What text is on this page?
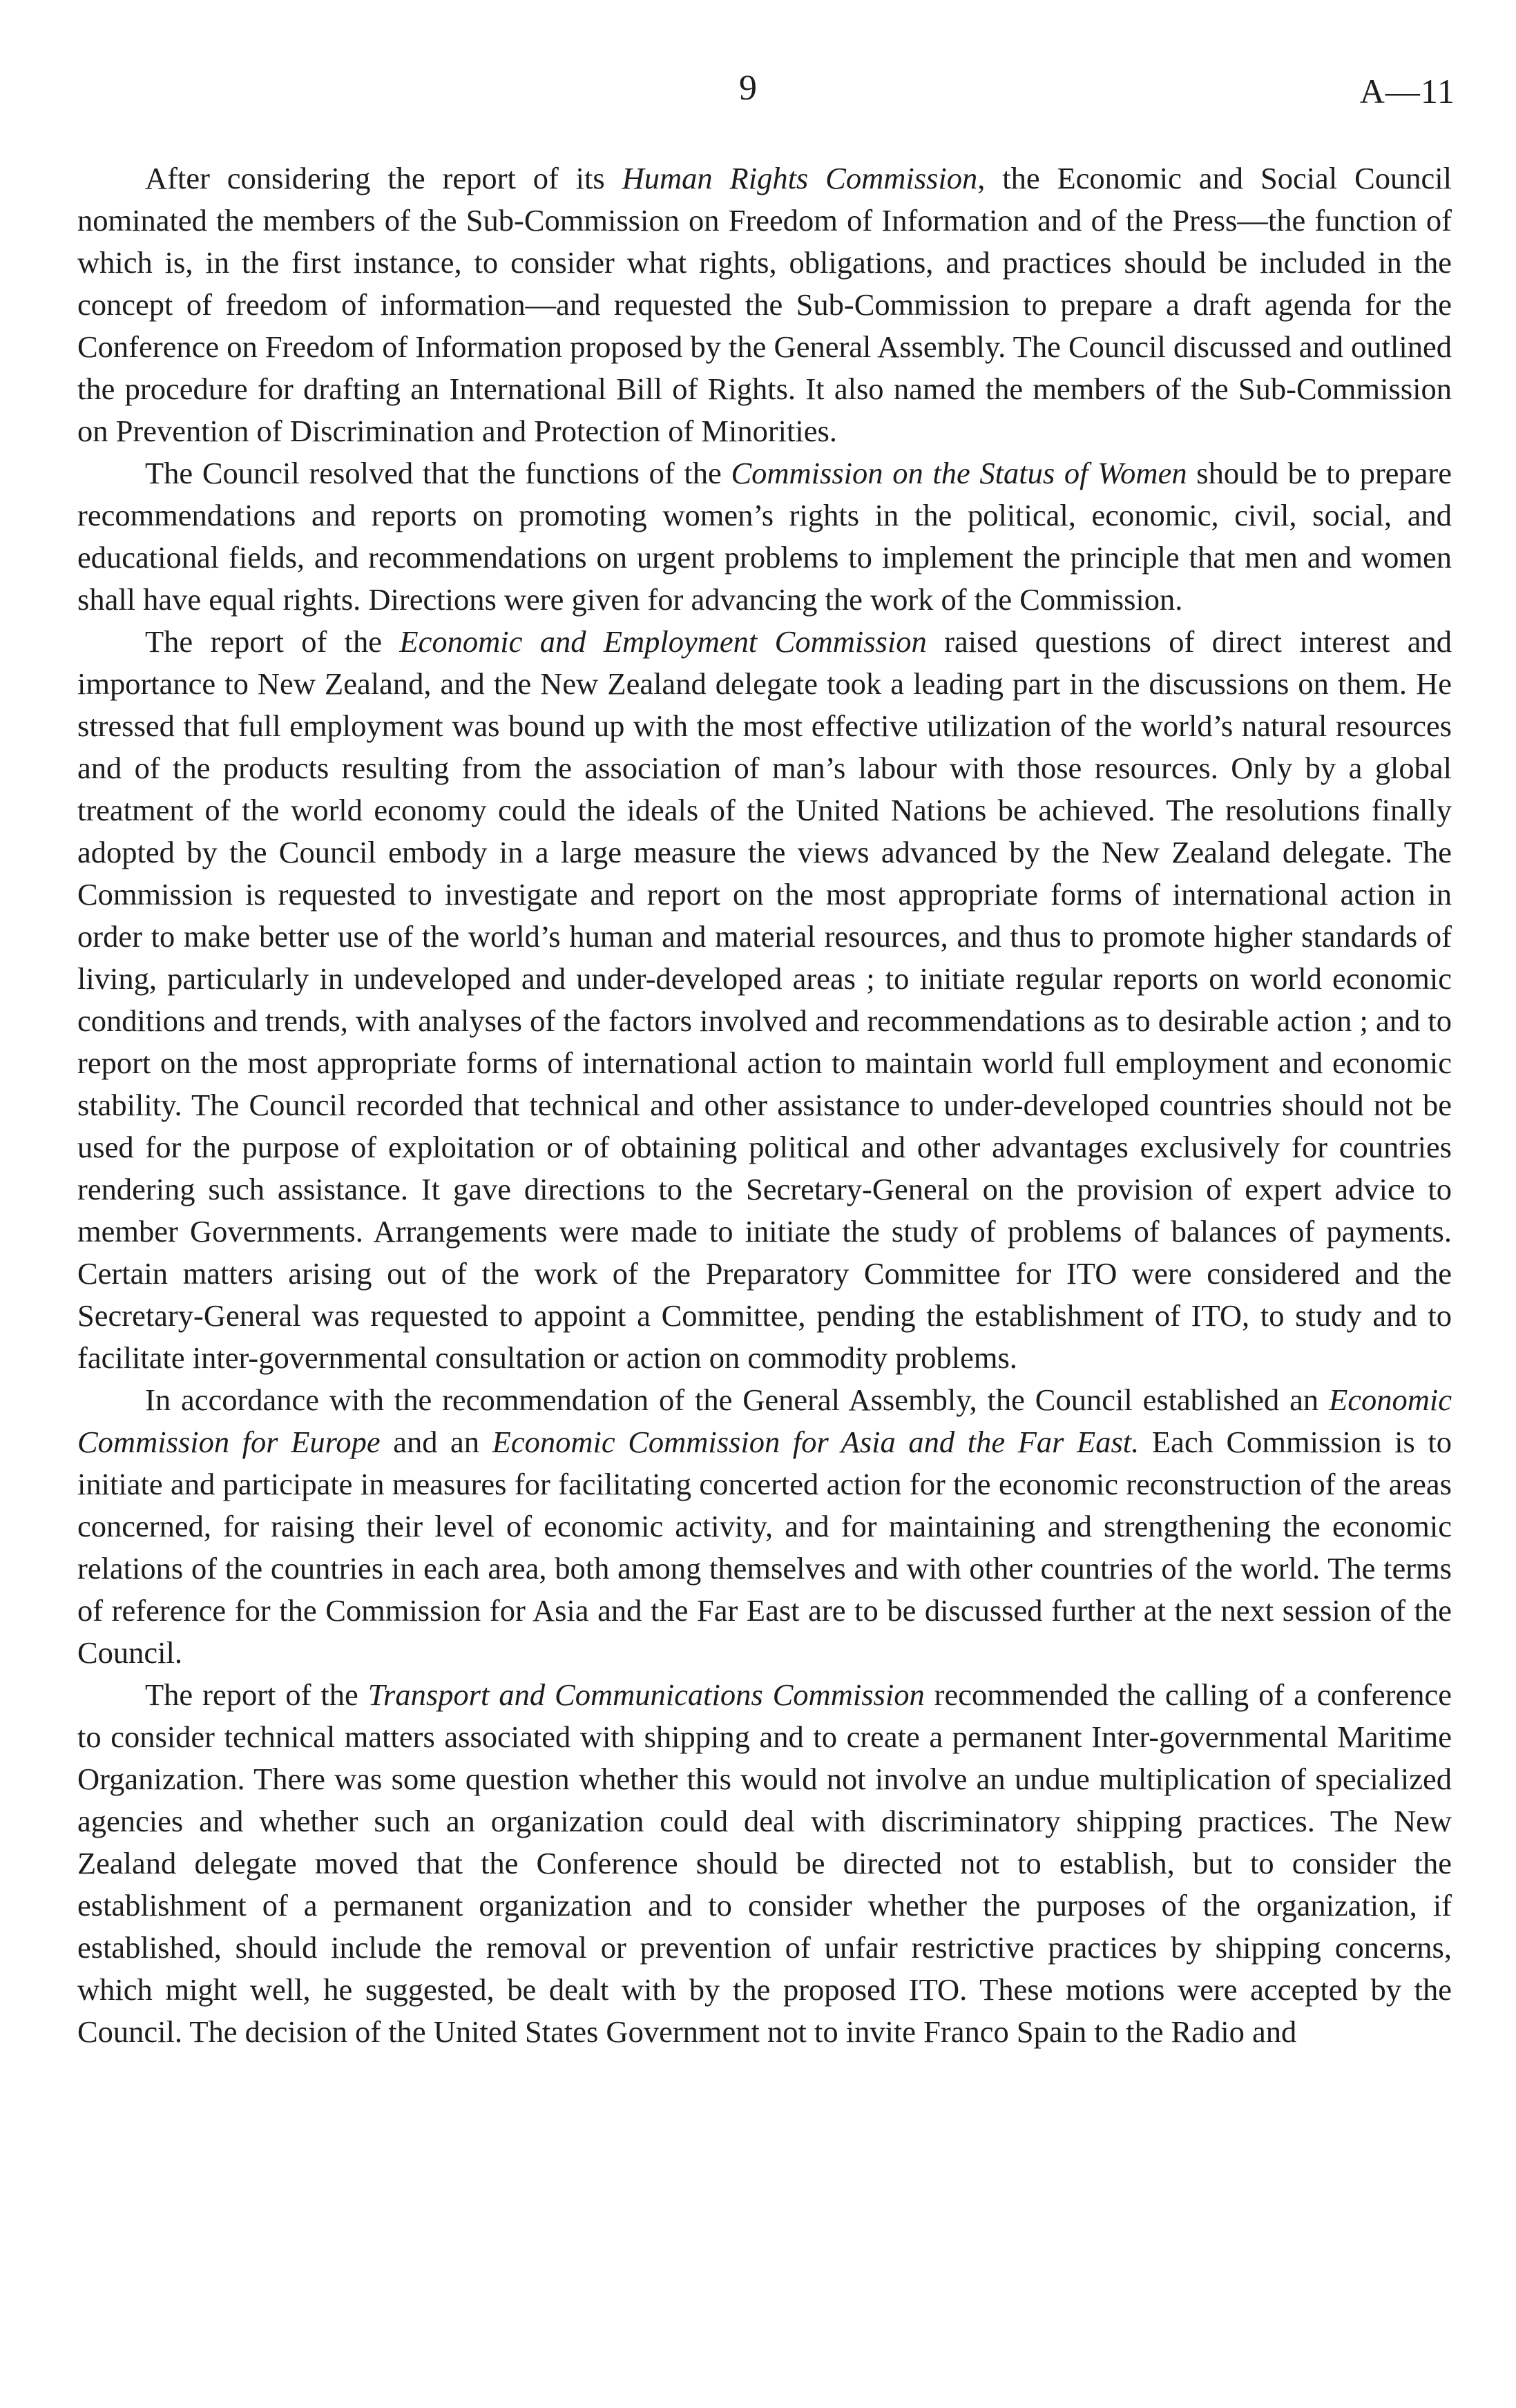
9	A—11

After considering the report of its Human Rights Commission, the Economic and Social Council nominated the members of the Sub-Commission on Freedom of Information and of the Press—the function of which is, in the first instance, to consider what rights, obligations, and practices should be included in the concept of freedom of information—and requested the Sub-Commission to prepare a draft agenda for the Conference on Freedom of Information proposed by the General Assembly. The Council discussed and outlined the procedure for drafting an International Bill of Rights. It also named the members of the Sub-Commission on Prevention of Discrimination and Protection of Minorities.

The Council resolved that the functions of the Commission on the Status of Women should be to prepare recommendations and reports on promoting women’s rights in the political, economic, civil, social, and educational fields, and recommendations on urgent problems to implement the principle that men and women shall have equal rights. Directions were given for advancing the work of the Commission.

The report of the Economic and Employment Commission raised questions of direct interest and importance to New Zealand, and the New Zealand delegate took a leading part in the discussions on them. He stressed that full employment was bound up with the most effective utilization of the world’s natural resources and of the products resulting from the association of man’s labour with those resources. Only by a global treatment of the world economy could the ideals of the United Nations be achieved. The resolutions finally adopted by the Council embody in a large measure the views advanced by the New Zealand delegate. The Commission is requested to investigate and report on the most appropriate forms of international action in order to make better use of the world’s human and material resources, and thus to promote higher standards of living, particularly in undeveloped and under-developed areas ; to initiate regular reports on world economic conditions and trends, with analyses of the factors involved and recommendations as to desirable action ; and to report on the most appropriate forms of international action to maintain world full employment and economic stability. The Council recorded that technical and other assistance to under-developed countries should not be used for the purpose of exploitation or of obtaining political and other advantages exclusively for countries rendering such assistance. It gave directions to the Secretary-General on the provision of expert advice to member Governments. Arrangements were made to initiate the study of problems of balances of payments. Certain matters arising out of the work of the Preparatory Committee for ITO were considered and the Secretary-General was requested to appoint a Committee, pending the establishment of ITO, to study and to facilitate inter-governmental consultation or action on commodity problems.

In accordance with the recommendation of the General Assembly, the Council established an Economic Commission for Europe and an Economic Commission for Asia and the Far East. Each Commission is to initiate and participate in measures for facilitating concerted action for the economic reconstruction of the areas concerned, for raising their level of economic activity, and for maintaining and strengthening the economic relations of the countries in each area, both among themselves and with other countries of the world. The terms of reference for the Commission for Asia and the Far East are to be discussed further at the next session of the Council.

The report of the Transport and Communications Commission recommended the calling of a conference to consider technical matters associated with shipping and to create a permanent Inter-governmental Maritime Organization. There was some question whether this would not involve an undue multiplication of specialized agencies and whether such an organization could deal with discriminatory shipping practices. The New Zealand delegate moved that the Conference should be directed not to establish, but to consider the establishment of a permanent organization and to consider whether the purposes of the organization, if established, should include the removal or prevention of unfair restrictive practices by shipping concerns, which might well, he suggested, be dealt with by the proposed ITO. These motions were accepted by the Council. The decision of the United States Government not to invite Franco Spain to the Radio and
